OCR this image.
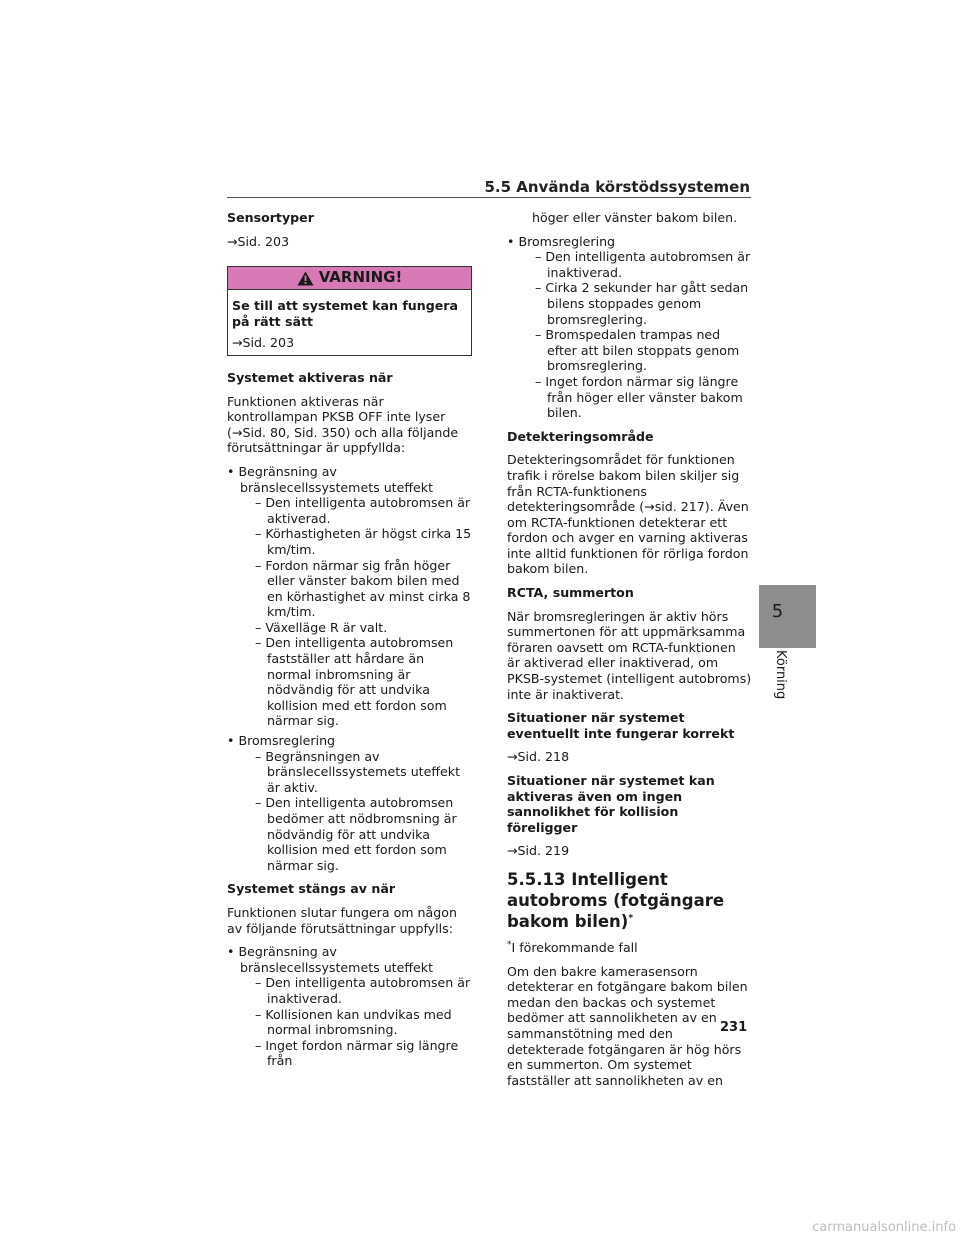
5.5 Använda körstödssystemen
Sensortyper
→Sid. 203
VARNING!
Se till att systemet kan fungera på rätt sätt
→Sid. 203
Systemet aktiveras när

Funktionen aktiveras när kontrollampan PKSB OFF inte lyser (→Sid. 80, Sid. 350) och alla följande förutsättningar är uppfyllda:

• Begränsning av bränslecellssystemets uteffekt
– Den intelligenta autobromsen är aktiverad.
– Körhastigheten är högst cirka 15 km/tim.
– Fordon närmar sig från höger eller vänster bakom bilen med en körhastighet av minst cirka 8 km/tim.
– Växelläge R är valt.
– Den intelligenta autobromsen fastställer att hårdare än normal inbromsning är nödvändig för att undvika kollision med ett fordon som närmar sig.
• Bromsreglering
– Begränsningen av bränslecellssystemets uteffekt är aktiv.
– Den intelligenta autobromsen bedömer att nödbromsning är nödvändig för att undvika kollision med ett fordon som närmar sig.
Systemet stängs av när

Funktionen slutar fungera om någon av följande förutsättningar uppfylls:

• Begränsning av bränslecellssystemets uteffekt
– Den intelligenta autobromsen är inaktiverad.
– Kollisionen kan undvikas med normal inbromsning.
– Inget fordon närmar sig längre från

höger eller vänster bakom bilen.

• Bromsreglering
– Den intelligenta autobromsen är inaktiverad.
– Cirka 2 sekunder har gått sedan bilens stoppades genom bromsreglering.
– Bromspedalen trampas ned efter att bilen stoppats genom bromsreglering.
– Inget fordon närmar sig längre från höger eller vänster bakom bilen.
Detekteringsområde

Detekteringsområdet för funktionen trafik i rörelse bakom bilen skiljer sig från RCTA-funktionens detekteringsområde (→sid. 217). Även om RCTA-funktionen detekterar ett fordon och avger en varning aktiveras inte alltid funktionen för rörliga fordon bakom bilen.

RCTA, summerton

När bromsregleringen är aktiv hörs summertonen för att uppmärksamma föraren oavsett om RCTA-funktionen är aktiverad eller inaktiverad, om PKSB-systemet (intelligent autobroms) inte är inaktiverat.

Situationer när systemet eventuellt inte fungerar korrekt
→Sid. 218
Situationer när systemet kan aktiveras även om ingen sannolikhet för kollision föreligger
→Sid. 219
5.5.13 Intelligent autobroms (fotgängare bakom bilen)*

*I förekommande fall

Om den bakre kamerasensorn detekterar en fotgängare bakom bilen medan den backas och systemet bedömer att sannolikheten av en sammanstötning med den detekterade fotgängaren är hög hörs en summerton. Om systemet fastställer att sannolikheten av en

5
Körning
231
carmanualsonline.info
